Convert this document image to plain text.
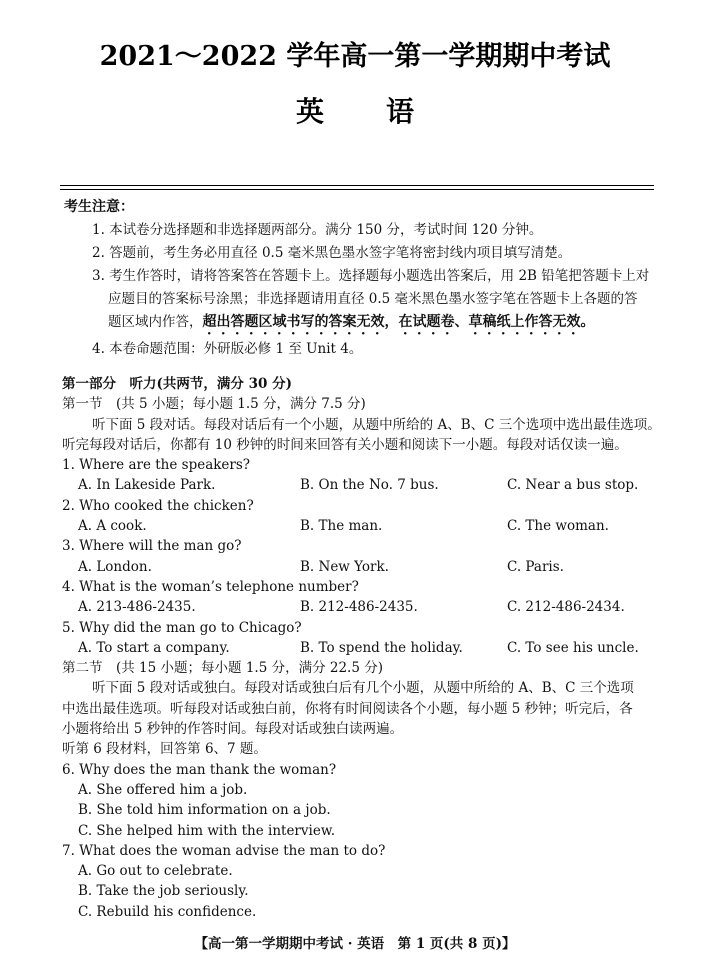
2021～2022 学年高一第一学期期中考试
英 语
考生注意：
1. 本试卷分选择题和非选择题两部分。满分 150 分，考试时间 120 分钟。
2. 答题前，考生务必用直径 0.5 毫米黑色墨水签字笔将密封线内项目填写清楚。
3. 考生作答时，请将答案答在答题卡上。选择题每小题选出答案后，用 2B 铅笔把答题卡上对
应题目的答案标号涂黑；非选择题请用直径 0.5 毫米黑色墨水签字笔在答题卡上各题的答
题区域内作答，超出答题区域书写的答案无效，在试题卷、草稿纸上作答无效。
4. 本卷命题范围：外研版必修 1 至 Unit 4。
第一部分　听力(共两节，满分 30 分)
第一节　(共 5 小题；每小题 1.5 分，满分 7.5 分)
听下面 5 段对话。每段对话后有一个小题，从题中所给的 A、B、C 三个选项中选出最佳选项。
听完每段对话后，你都有 10 秒钟的时间来回答有关小题和阅读下一小题。每段对话仅读一遍。
1. Where are the speakers?
A. In Lakeside Park.	B. On the No. 7 bus.	C. Near a bus stop.
2. Who cooked the chicken?
A. A cook.	B. The man.	C. The woman.
3. Where will the man go?
A. London.	B. New York.	C. Paris.
4. What is the woman’s telephone number?
A. 213-486-2435.	B. 212-486-2435.	C. 212-486-2434.
5. Why did the man go to Chicago?
A. To start a company.	B. To spend the holiday.	C. To see his uncle.
第二节　(共 15 小题；每小题 1.5 分，满分 22.5 分)
听下面 5 段对话或独白。每段对话或独白后有几个小题，从题中所给的 A、B、C 三个选项
中选出最佳选项。听每段对话或独白前，你将有时间阅读各个小题，每小题 5 秒钟；听完后，各
小题将给出 5 秒钟的作答时间。每段对话或独白读两遍。
听第 6 段材料，回答第 6、7 题。
6. Why does the man thank the woman?
A. She offered him a job.
B. She told him information on a job.
C. She helped him with the interview.
7. What does the woman advise the man to do?
A. Go out to celebrate.
B. Take the job seriously.
C. Rebuild his confidence.
【高一第一学期期中考试 · 英语　第 1 页(共 8 页)】
